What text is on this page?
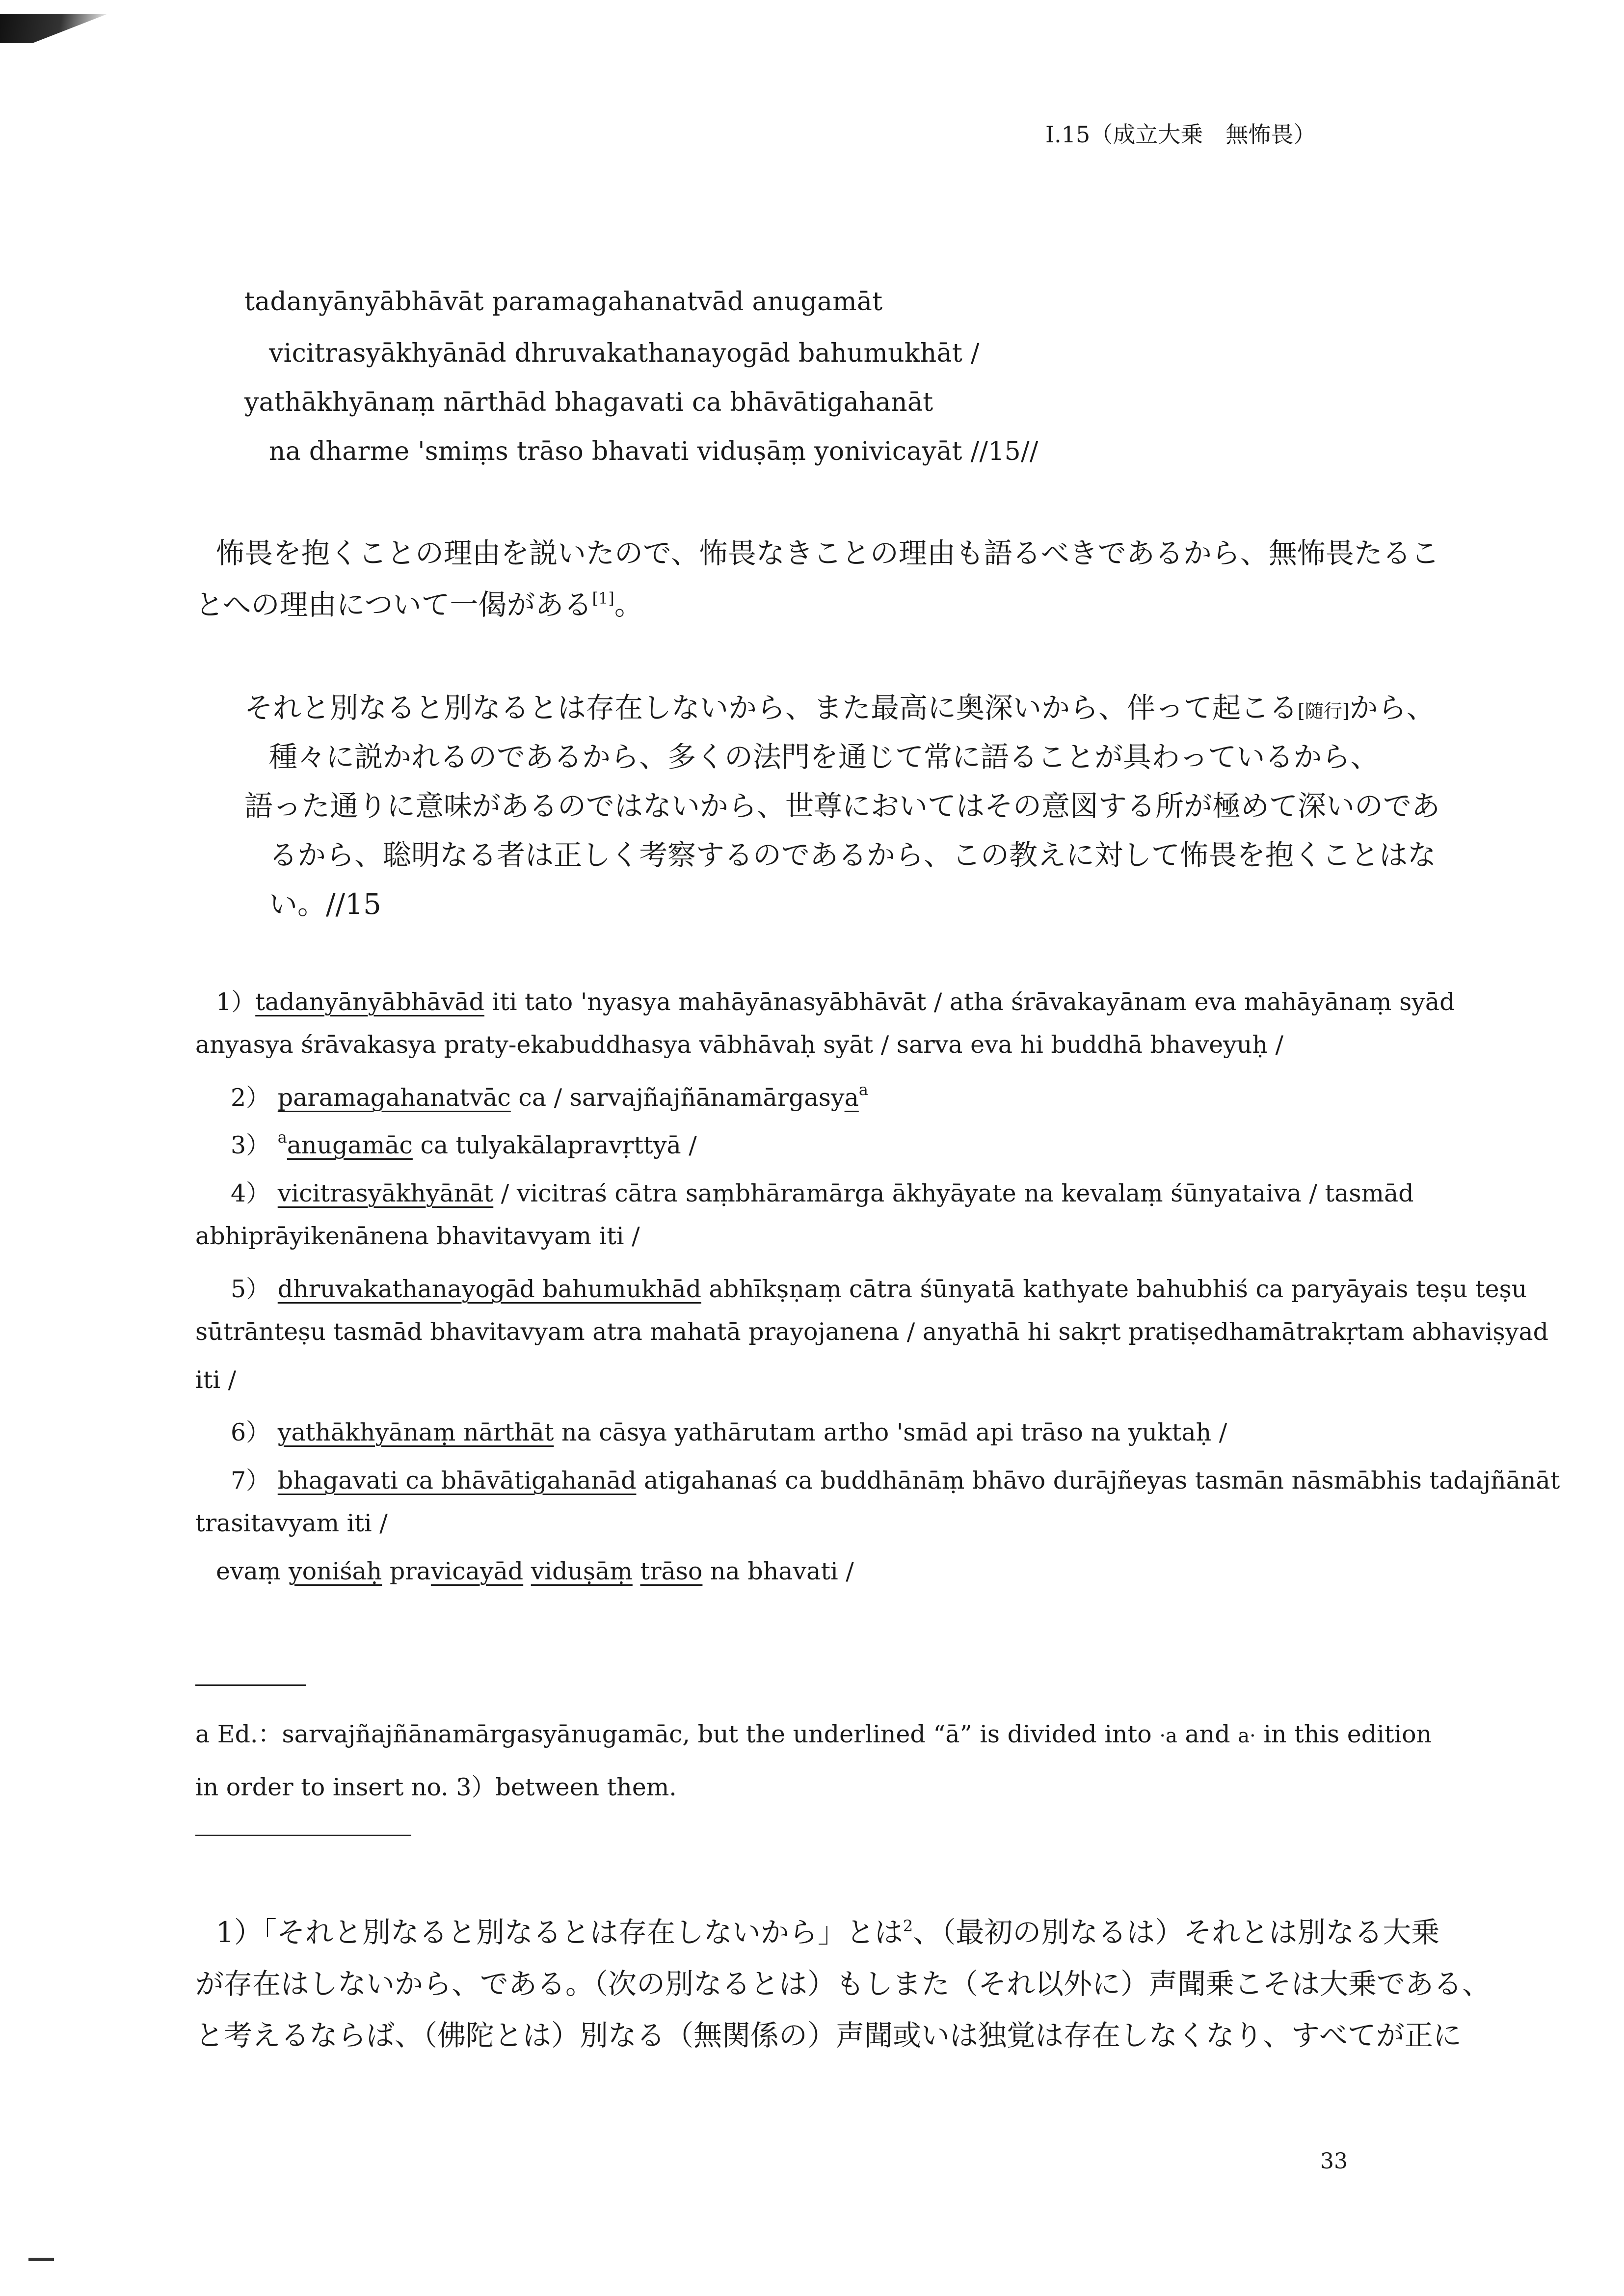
I.15（成立大乗　無怖畏）
tadanyānyābhāvāt paramagahanatvād anugamāt
vicitrasyākhyānād dhruvakathanayogād bahumukhāt /
yathākhyānaṃ nārthād bhagavati ca bhāvātigahanāt
na dharme 'smiṃs trāso bhavati viduṣāṃ yonivicayāt //15//
怖畏を抱くことの理由を説いたので、怖畏なきことの理由も語るべきであるから、無怖畏たるこ
とへの理由について一偈がある[1]。
それと別なると別なるとは存在しないから、また最高に奥深いから、伴って起こる[随行]から、
種々に説かれるのであるから、多くの法門を通じて常に語ることが具わっているから、
語った通りに意味があるのではないから、世尊においてはその意図する所が極めて深いのであ
るから、聡明なる者は正しく考察するのであるから、この教えに対して怖畏を抱くことはな
い。//15
1）tadanyānyābhāvād iti tato 'nyasya mahāyānasyābhāvāt / atha śrāvakayānam eva mahāyānaṃ syād
anyasya śrāvakasya praty-ekabuddhasya vābhāvaḥ syāt / sarva eva hi buddhā bhaveyuḥ /
2） paramagahanatvāc ca / sarvajñajñānamārgasya$^a$
3） $^a$anugamāc ca tulyakālapravṛttyā /
4） vicitrasyākhyānāt / vicitraś cātra saṃbhāramārga ākhyāyate na kevalaṃ śūnyataiva / tasmād
abhiprāyikenānena bhavitavyam iti /
5） dhruvakathanayogād bahumukhād abhīkṣṇaṃ cātra śūnyatā kathyate bahubhiś ca paryāyais teṣu teṣu
sūtrānteṣu tasmād bhavitavyam atra mahatā prayojanena / anyathā hi sakṛt pratiṣedhamātrakṛtam abhaviṣyad
iti /
6） yathākhyānaṃ nārthāt na cāsya yathārutam artho 'smād api trāso na yuktaḥ /
7） bhagavati ca bhāvātigahanād atigahanaś ca buddhānāṃ bhāvo durājñeyas tasmān nāsmābhis tadajñānāt
trasitavyam iti /
evaṃ yoniśaḥ pravicayād viduṣāṃ trāso na bhavati /
a Ed.：sarvajñajñānamārgasyānugamāc, but the underlined “ā” is divided into ·a and a· in this edition
in order to insert no. 3）between them.
1）「それと別なると別なるとは存在しないから」とは$^2$、（最初の別なるは）それとは別なる大乗
が存在はしないから、である。（次の別なるとは）もしまた（それ以外に）声聞乗こそは大乗である、
と考えるならば、（佛陀とは）別なる（無関係の）声聞或いは独覚は存在しなくなり、すべてが正に
33
